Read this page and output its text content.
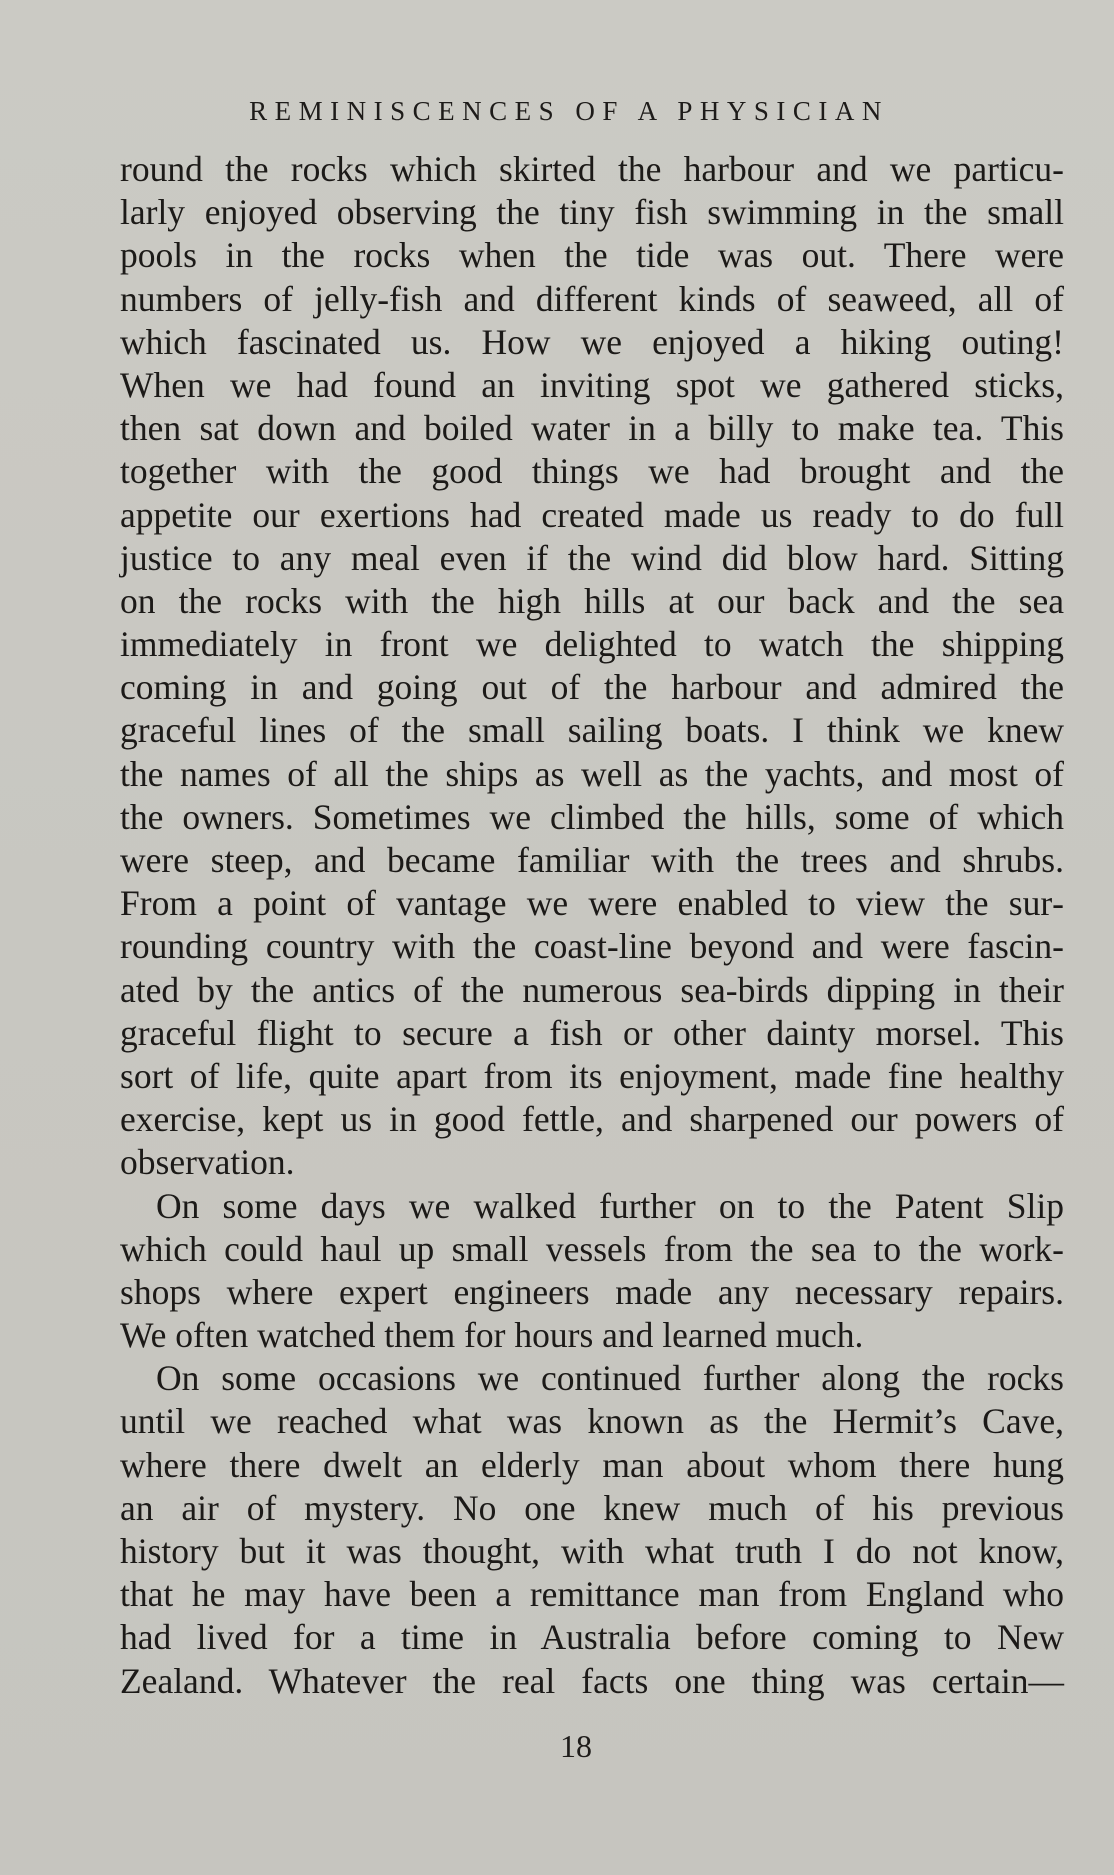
REMINISCENCES OF A PHYSICIAN
round the rocks which skirted the harbour and we particu‐
larly enjoyed observing the tiny fish swimming in the small
pools in the rocks when the tide was out. There were
numbers of jelly‐fish and different kinds of seaweed, all of
which fascinated us. How we enjoyed a hiking outing!
When we had found an inviting spot we gathered sticks,
then sat down and boiled water in a billy to make tea. This
together with the good things we had brought and the
appetite our exertions had created made us ready to do full
justice to any meal even if the wind did blow hard. Sitting
on the rocks with the high hills at our back and the sea
immediately in front we delighted to watch the shipping
coming in and going out of the harbour and admired the
graceful lines of the small sailing boats. I think we knew
the names of all the ships as well as the yachts, and most of
the owners. Sometimes we climbed the hills, some of which
were steep, and became familiar with the trees and shrubs.
From a point of vantage we were enabled to view the sur‐
rounding country with the coast‐line beyond and were fascin‐
ated by the antics of the numerous sea‐birds dipping in their
graceful flight to secure a fish or other dainty morsel. This
sort of life, quite apart from its enjoyment, made fine healthy
exercise, kept us in good fettle, and sharpened our powers of
observation.
On some days we walked further on to the Patent Slip
which could haul up small vessels from the sea to the work‐
shops where expert engineers made any necessary repairs.
We often watched them for hours and learned much.
On some occasions we continued further along the rocks
until we reached what was known as the Hermit’s Cave,
where there dwelt an elderly man about whom there hung
an air of mystery. No one knew much of his previous
history but it was thought, with what truth I do not know,
that he may have been a remittance man from England who
had lived for a time in Australia before coming to New
Zealand. Whatever the real facts one thing was certain—
18
